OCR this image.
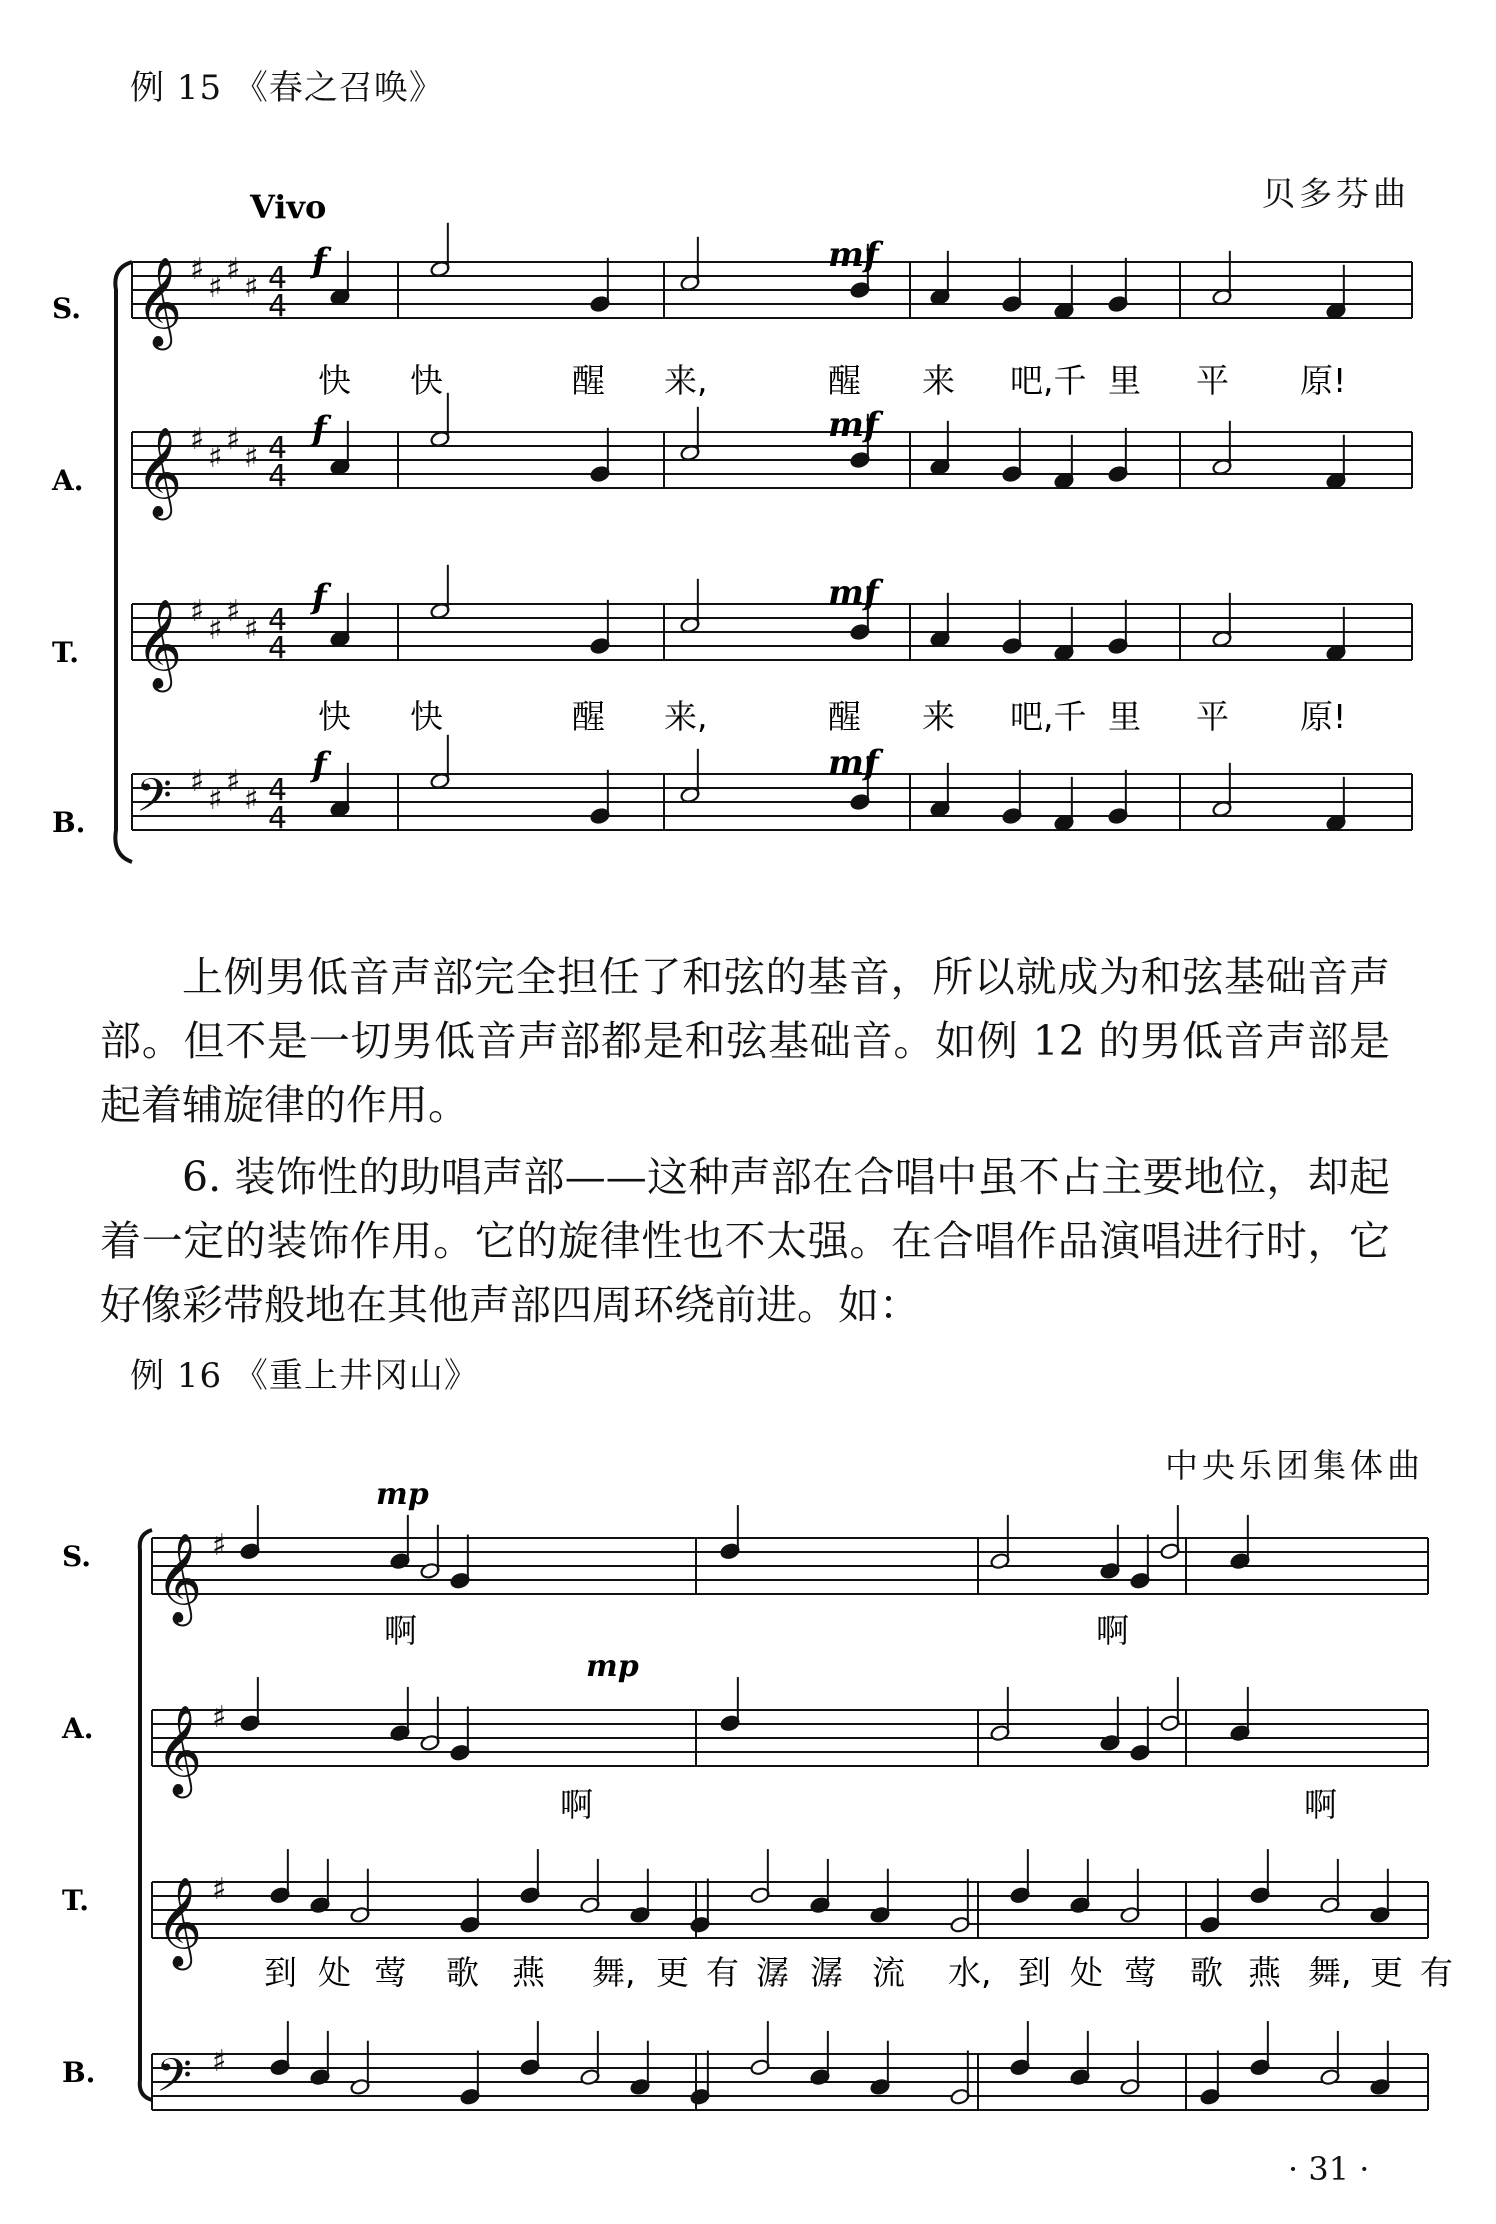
例 15 《春之召唤》
贝多芬曲
Vivo
𝄞 ♯
♯
♯
♯ 4
4
𝄞 ♯
♯
♯
♯ 4
4
𝄞 ♯
♯
♯
♯ 4
4
𝄢 ♯
♯
♯
♯ 4
4
S.
A.
T.
B.
f
f
f
f
mf
mf
mf
mf
快 快	醒 来,	醒 来 吧,千 里 平 原!
快 快	醒 来,	醒 来 吧,千 里 平 原!

上例男低音声部完全担任了和弦的基音，所以就成为和弦基础音声部。但不是一切男低音声部都是和弦基础音。如例 12 的男低音声部是起着辅旋律的作用。

6. 装饰性的助唱声部——这种声部在合唱中虽不占主要地位，却起着一定的装饰作用。它的旋律性也不太强。在合唱作品演唱进行时，它好像彩带般地在其他声部四周环绕前进。如：

例 16 《重上井冈山》
中央乐团集体曲
𝄞 ♯
𝄞 ♯
𝄞 ♯
𝄢 ♯
S.
A.
T.
B.
mp
mp
啊	啊
啊	啊
到 处 莺 歌 燕 舞, 更 有 潺 潺 流 水, 到 处 莺 歌 燕 舞, 更 有
· 31 ·
